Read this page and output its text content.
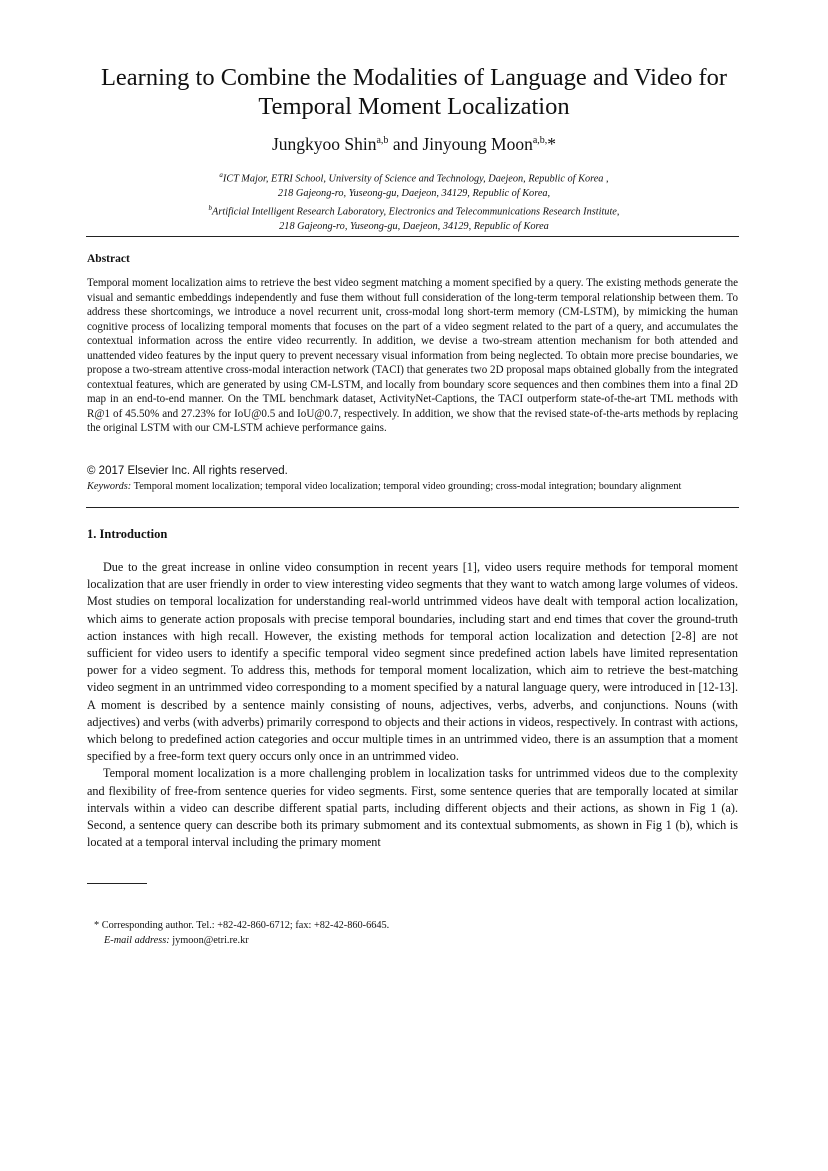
Learning to Combine the Modalities of Language and Video for Temporal Moment Localization
Jungkyoo Shin$^{a,b}$ and Jinyoung Moon$^{a,b,}$*
$^a$ICT Major, ETRI School, University of Science and Technology, Daejeon, Republic of Korea ,
218 Gajeong-ro, Yuseong-gu, Daejeon, 34129, Republic of Korea,
$^b$Artificial Intelligent Research Laboratory, Electronics and Telecommunications Research Institute,
218 Gajeong-ro, Yuseong-gu, Daejeon, 34129, Republic of Korea
Abstract
Temporal moment localization aims to retrieve the best video segment matching a moment specified by a query. The existing methods generate the visual and semantic embeddings independently and fuse them without full consideration of the long-term temporal relationship between them. To address these shortcomings, we introduce a novel recurrent unit, cross-modal long short-term memory (CM-LSTM), by mimicking the human cognitive process of localizing temporal moments that focuses on the part of a video segment related to the part of a query, and accumulates the contextual information across the entire video recurrently. In addition, we devise a two-stream attention mechanism for both attended and unattended video features by the input query to prevent necessary visual information from being neglected. To obtain more precise boundaries, we propose a two-stream attentive cross-modal interaction network (TACI) that generates two 2D proposal maps obtained globally from the integrated contextual features, which are generated by using CM-LSTM, and locally from boundary score sequences and then combines them into a final 2D map in an end-to-end manner. On the TML benchmark dataset, ActivityNet-Captions, the TACI outperform state-of-the-art TML methods with R@1 of 45.50% and 27.23% for IoU@0.5 and IoU@0.7, respectively. In addition, we show that the revised state-of-the-arts methods by replacing the original LSTM with our CM-LSTM achieve performance gains.
© 2017 Elsevier Inc. All rights reserved.
Keywords: Temporal moment localization; temporal video localization; temporal video grounding; cross-modal integration; boundary alignment
1. Introduction

Due to the great increase in online video consumption in recent years [1], video users require methods for temporal moment localization that are user friendly in order to view interesting video segments that they want to watch among large volumes of videos. Most studies on temporal localization for understanding real-world untrimmed videos have dealt with temporal action localization, which aims to generate action proposals with precise temporal boundaries, including start and end times that cover the ground-truth action instances with high recall. However, the existing methods for temporal action localization and detection [2-8] are not sufficient for video users to identify a specific temporal video segment since predefined action labels have limited representation power for a video segment. To address this, methods for temporal moment localization, which aim to retrieve the best-matching video segment in an untrimmed video corresponding to a moment specified by a natural language query, were introduced in [12-13]. A moment is described by a sentence mainly consisting of nouns, adjectives, verbs, adverbs, and conjunctions. Nouns (with adjectives) and verbs (with adverbs) primarily correspond to objects and their actions in videos, respectively. In contrast with actions, which belong to predefined action categories and occur multiple times in an untrimmed video, there is an assumption that a moment specified by a free-form text query occurs only once in an untrimmed video.

Temporal moment localization is a more challenging problem in localization tasks for untrimmed videos due to the complexity and flexibility of free-from sentence queries for video segments. First, some sentence queries that are temporally located at similar intervals within a video can describe different spatial parts, including different objects and their actions, as shown in Fig 1 (a). Second, a sentence query can describe both its primary submoment and its contextual submoments, as shown in Fig 1 (b), which is located at a temporal interval including the primary moment

* Corresponding author. Tel.: +82-42-860-6712; fax: +82-42-860-6645.
E-mail address: jymoon@etri.re.kr
